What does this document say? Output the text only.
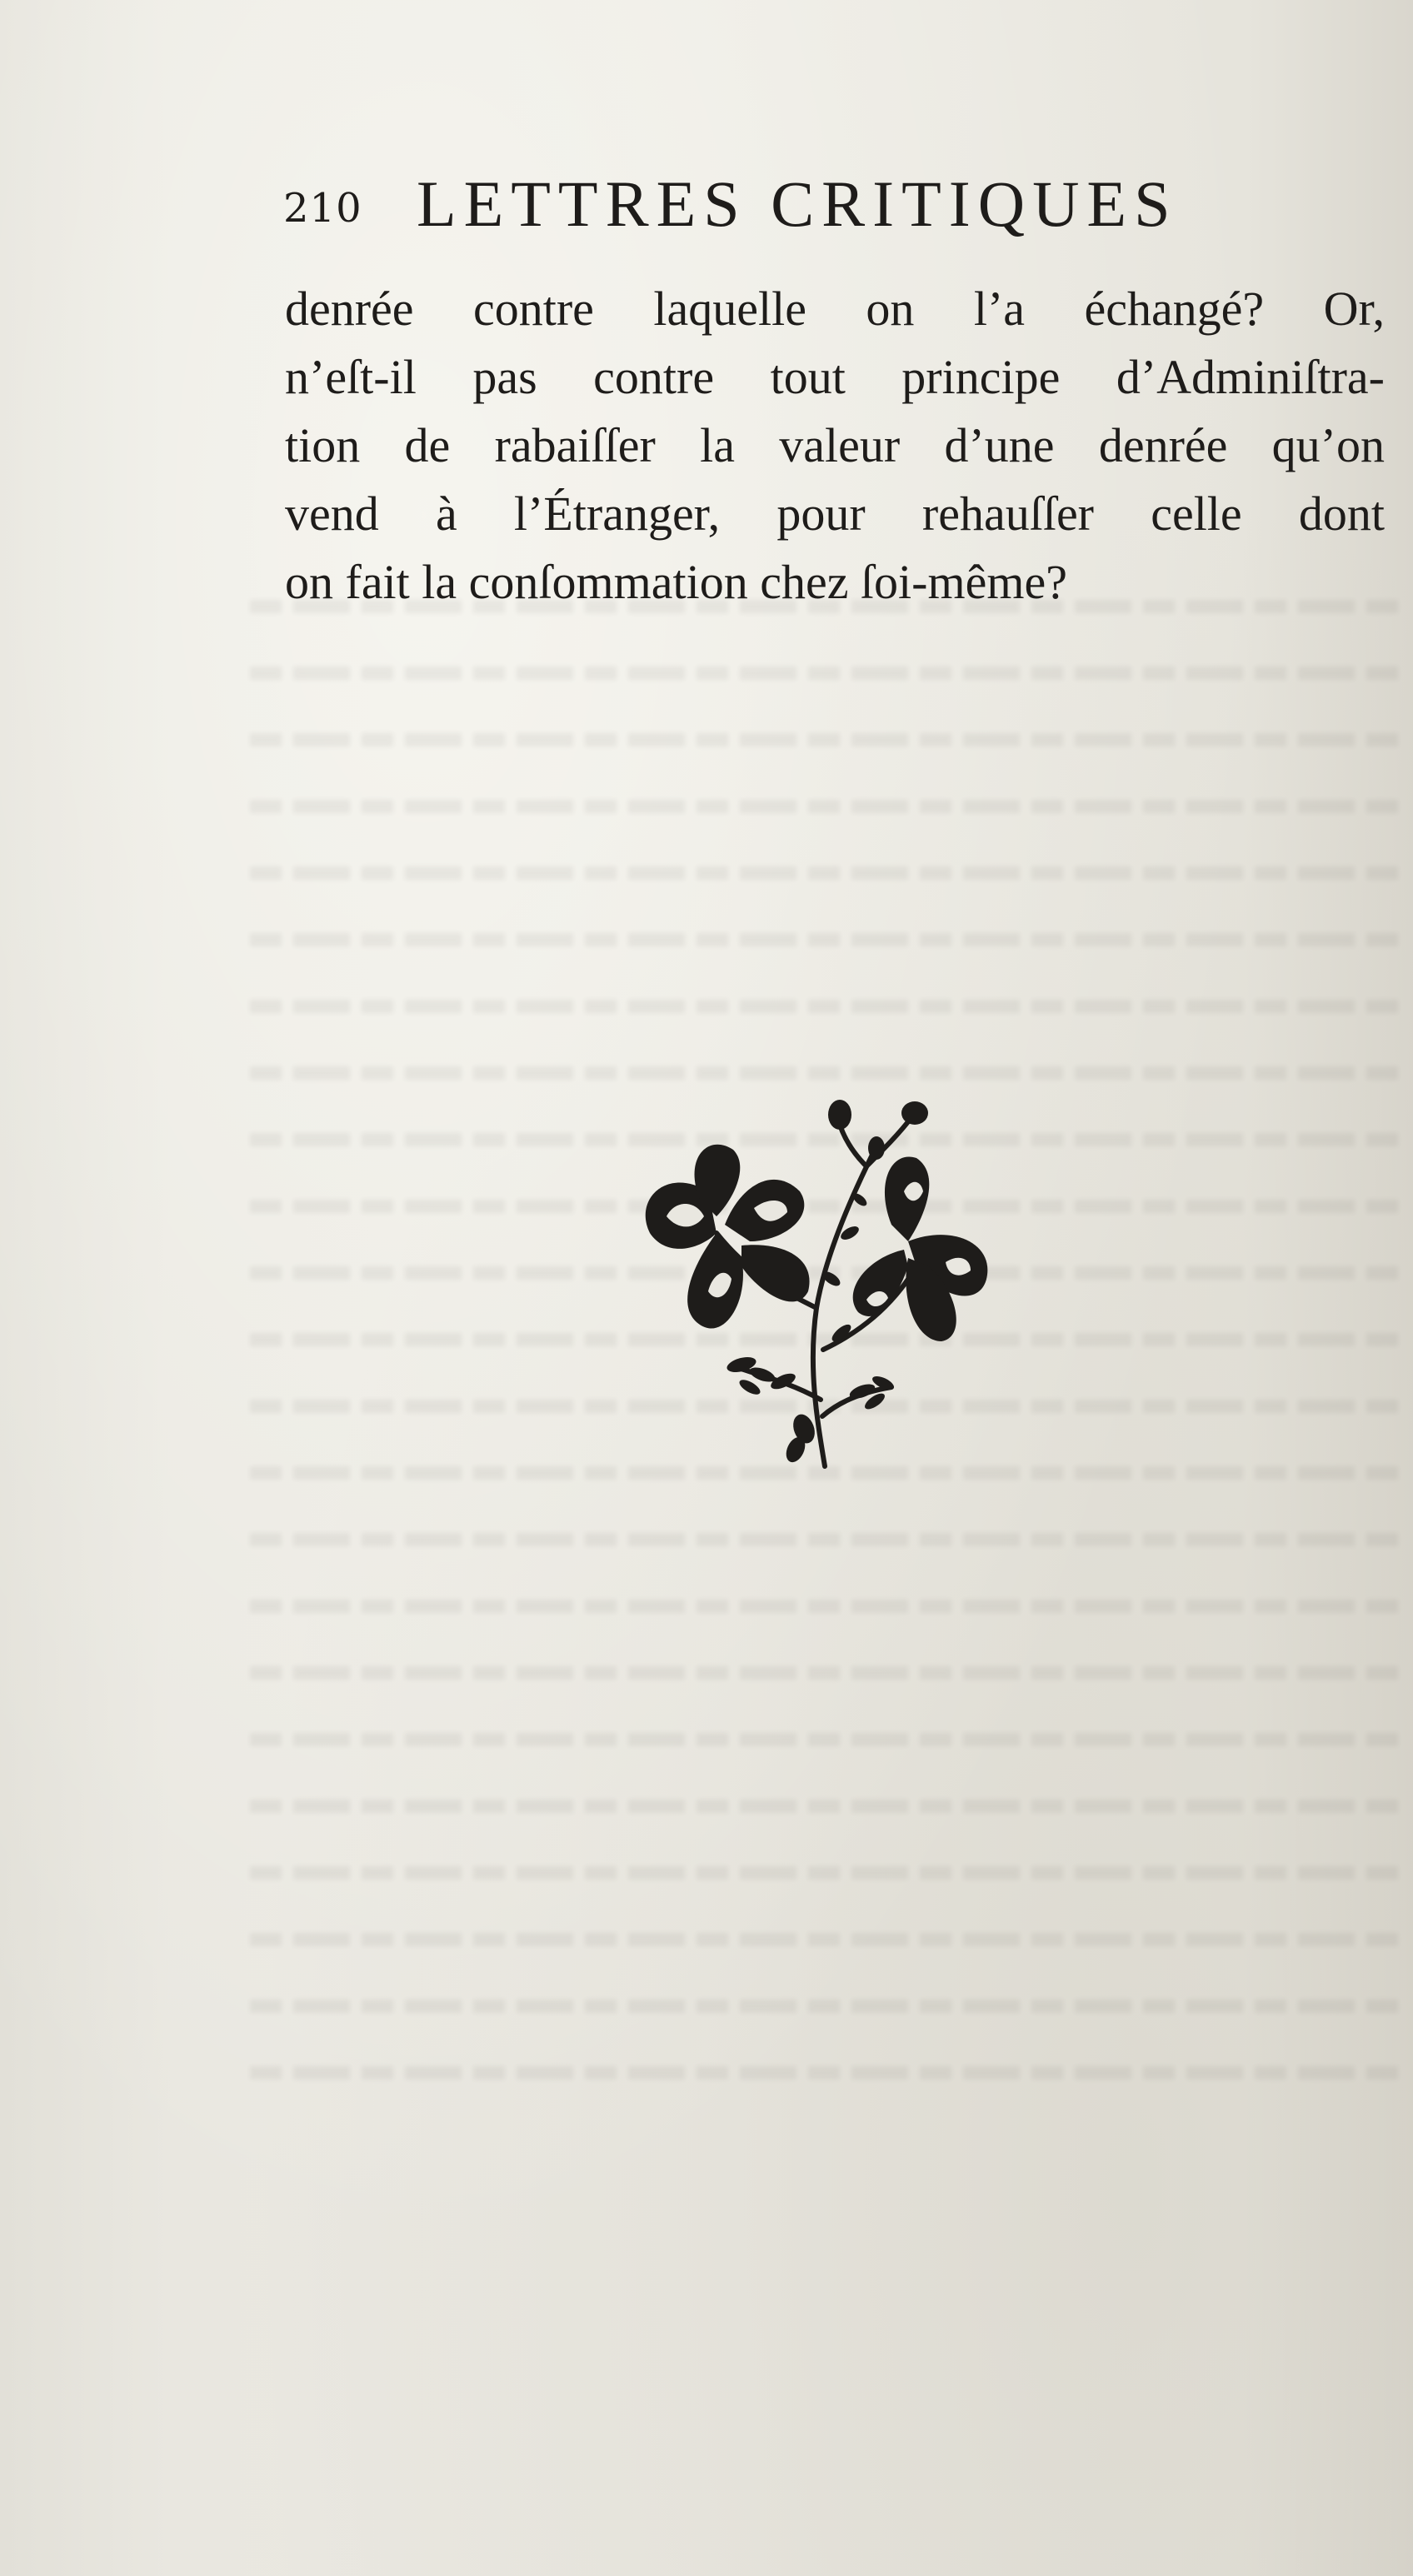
210 LETTRES CRITIQUES
denrée contre laquelle on l’a échangé? Or,
n’eſt-il pas contre tout principe d’Adminiſtra-
tion de rabaiſſer la valeur d’une denrée qu’on
vend à l’Étranger, pour rehauſſer celle dont
on fait la conſommation chez ſoi-même?
